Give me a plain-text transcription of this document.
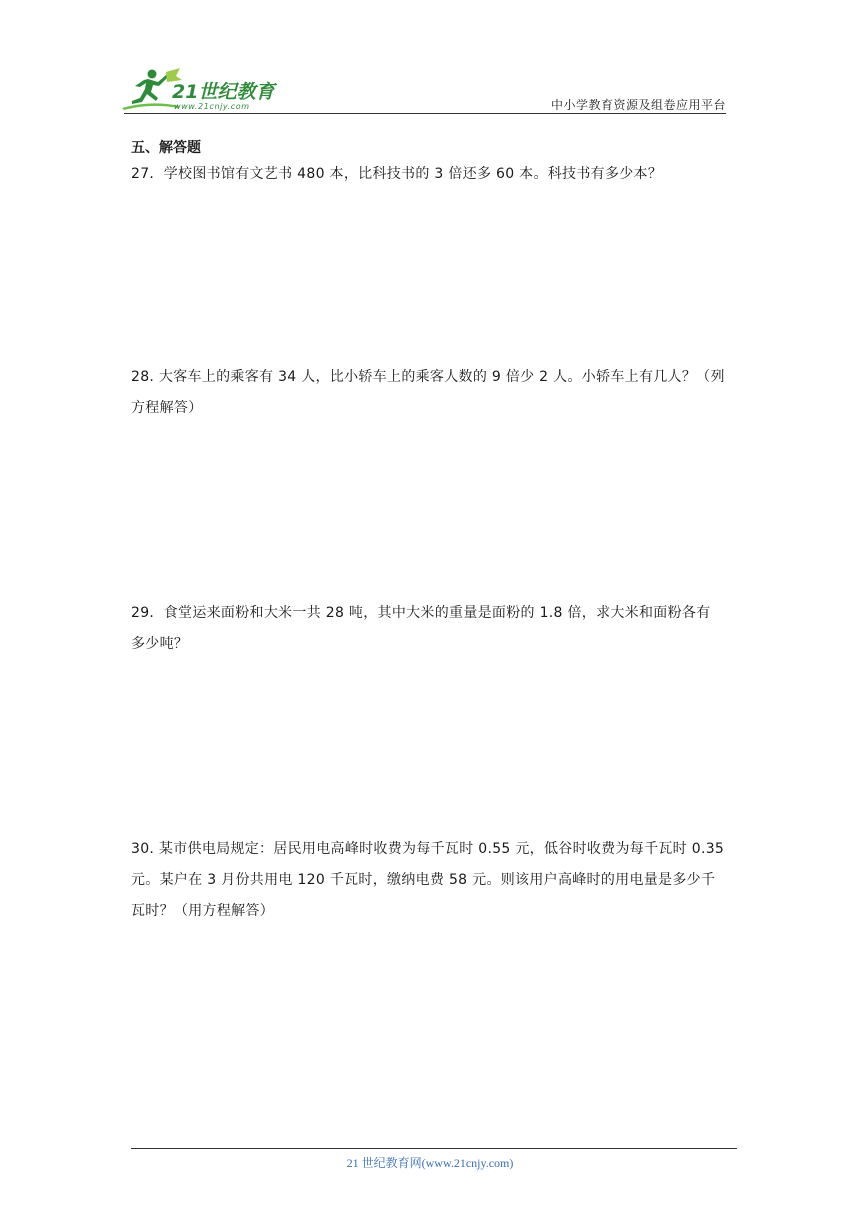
21世纪教育
www.21cnjy.com	中小学教育资源及组卷应用平台
五、解答题
27．学校图书馆有文艺书 480 本，比科技书的 3 倍还多 60 本。科技书有多少本？
28. 大客车上的乘客有 34 人，比小轿车上的乘客人数的 9 倍少 2 人。小轿车上有几人？（列
方程解答）
29．食堂运来面粉和大米一共 28 吨，其中大米的重量是面粉的 1.8 倍，求大米和面粉各有
多少吨？
30. 某市供电局规定：居民用电高峰时收费为每千瓦时 0.55 元，低谷时收费为每千瓦时 0.35
元。某户在 3 月份共用电 120 千瓦时，缴纳电费 58 元。则该用户高峰时的用电量是多少千
瓦时？（用方程解答）
21 世纪教育网(www.21cnjy.com)
